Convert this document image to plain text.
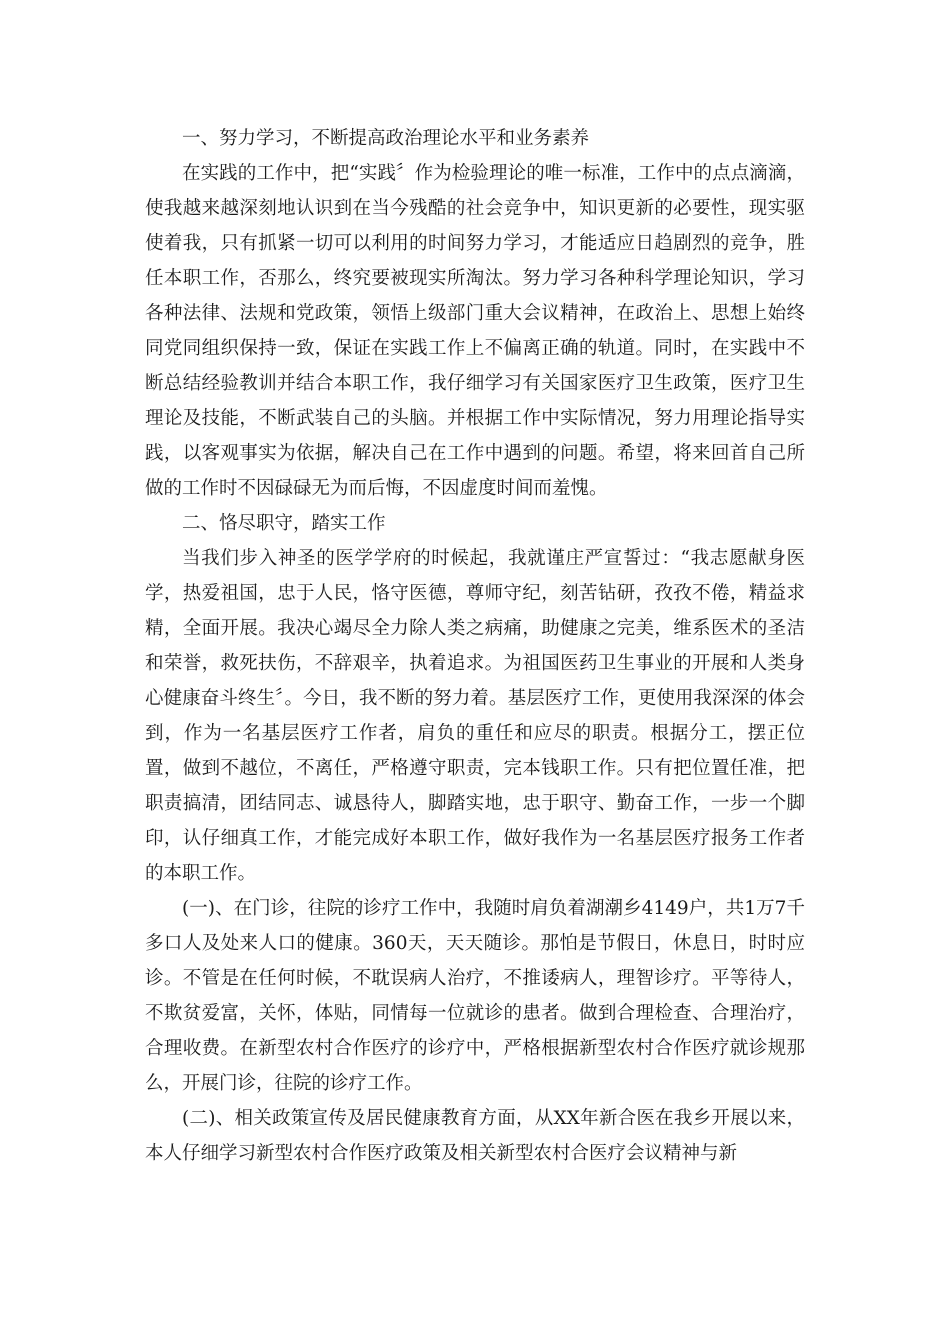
一、努力学习，不断提高政治理论水平和业务素养

在实践的工作中，把“实践〞作为检验理论的唯一标准，工作中的点点滴滴，使我越来越深刻地认识到在当今残酷的社会竞争中，知识更新的必要性，现实驱使着我，只有抓紧一切可以利用的时间努力学习，才能适应日趋剧烈的竞争，胜任本职工作，否那么，终究要被现实所淘汰。努力学习各种科学理论知识，学习各种法律、法规和党政策，领悟上级部门重大会议精神，在政治上、思想上始终同党同组织保持一致，保证在实践工作上不偏离正确的轨道。同时，在实践中不断总结经验教训并结合本职工作，我仔细学习有关国家医疗卫生政策，医疗卫生理论及技能，不断武装自己的头脑。并根据工作中实际情况，努力用理论指导实践，以客观事实为依据，解决自己在工作中遇到的问题。希望，将来回首自己所做的工作时不因碌碌无为而后悔，不因虚度时间而羞愧。

二、恪尽职守，踏实工作

当我们步入神圣的医学学府的时候起，我就谨庄严宣誓过：“我志愿献身医学，热爱祖国，忠于人民，恪守医德，尊师守纪，刻苦钻研，孜孜不倦，精益求精，全面开展。我决心竭尽全力除人类之病痛，助健康之完美，维系医术的圣洁和荣誉，救死扶伤，不辞艰辛，执着追求。为祖国医药卫生事业的开展和人类身心健康奋斗终生〞。今日，我不断的努力着。基层医疗工作，更使用我深深的体会到，作为一名基层医疗工作者，肩负的重任和应尽的职责。根据分工，摆正位置，做到不越位，不离任，严格遵守职责，完本钱职工作。只有把位置任准，把职责搞清，团结同志、诚恳待人，脚踏实地，忠于职守、勤奋工作，一步一个脚印，认仔细真工作，才能完成好本职工作，做好我作为一名基层医疗报务工作者的本职工作。

(一)、在门诊，往院的诊疗工作中，我随时肩负着湖潮乡4149户，共1万7千多口人及处来人口的健康。360天，天天随诊。那怕是节假日，休息日，时时应诊。不管是在任何时候，不耽误病人治疗，不推诿病人，理智诊疗。平等待人，不欺贫爱富，关怀，体贴，同情每一位就诊的患者。做到合理检查、合理治疗，合理收费。在新型农村合作医疗的诊疗中，严格根据新型农村合作医疗就诊规那么，开展门诊，往院的诊疗工作。

(二)、相关政策宣传及居民健康教育方面，从XX年新合医在我乡开展以来，本人仔细学习新型农村合作医疗政策及相关新型农村合医疗会议精神与新
